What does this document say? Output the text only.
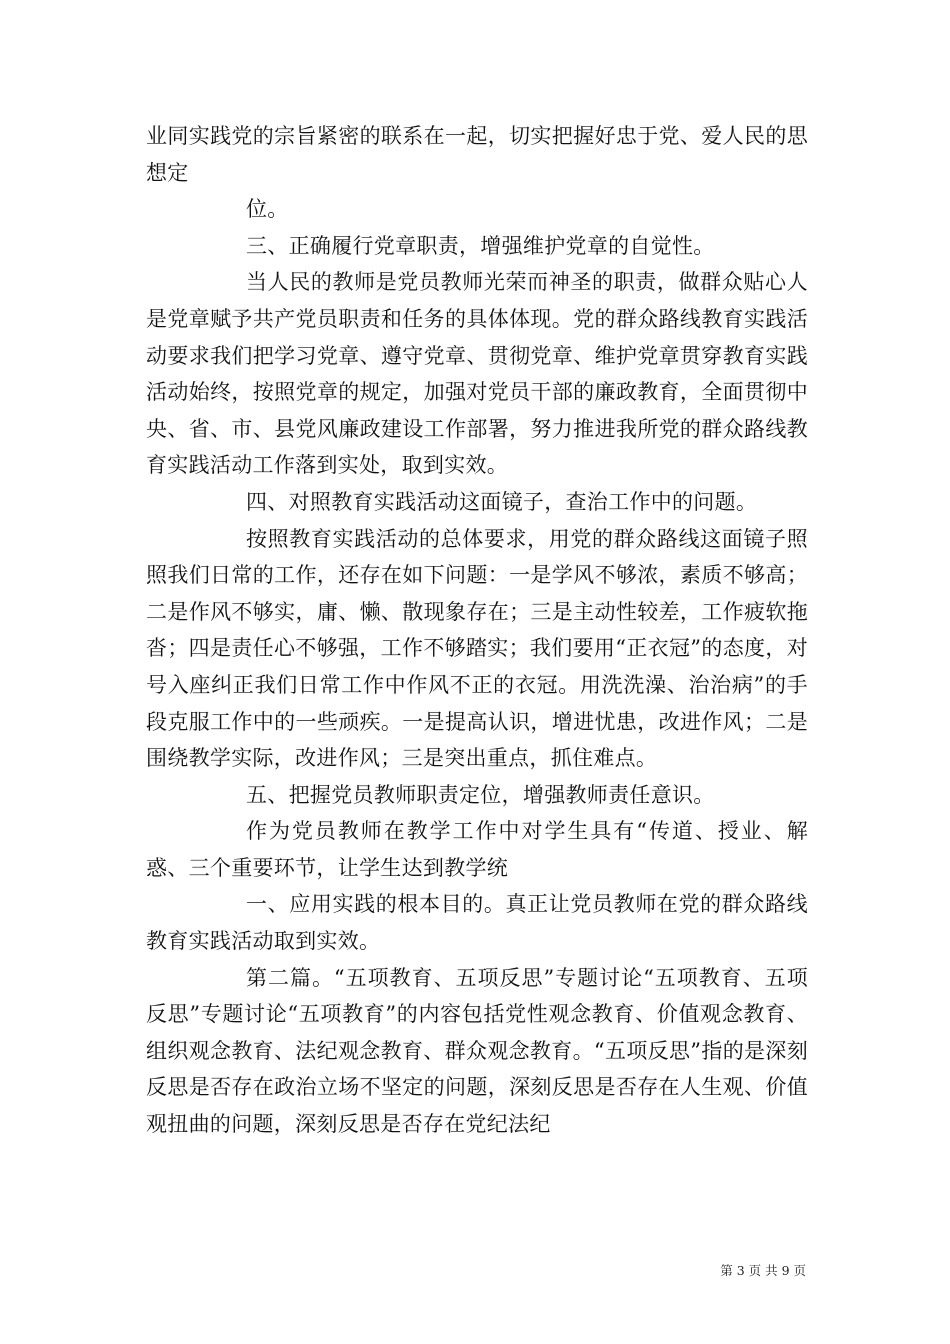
业同实践党的宗旨紧密的联系在一起，切实把握好忠于党、爱人民的思想定

位。

三、正确履行党章职责，增强维护党章的自觉性。

当人民的教师是党员教师光荣而神圣的职责，做群众贴心人是党章赋予共产党员职责和任务的具体体现。党的群众路线教育实践活动要求我们把学习党章、遵守党章、贯彻党章、维护党章贯穿教育实践活动始终，按照党章的规定，加强对党员干部的廉政教育，全面贯彻中央、省、市、县党风廉政建设工作部署，努力推进我所党的群众路线教育实践活动工作落到实处，取到实效。

四、对照教育实践活动这面镜子，查治工作中的问题。

按照教育实践活动的总体要求，用党的群众路线这面镜子照照我们日常的工作，还存在如下问题：一是学风不够浓，素质不够高；二是作风不够实，庸、懒、散现象存在；三是主动性较差，工作疲软拖沓；四是责任心不够强，工作不够踏实；我们要用“正衣冠”的态度，对号入座纠正我们日常工作中作风不正的衣冠。用洗洗澡、治治病”的手段克服工作中的一些顽疾。一是提高认识，增进忧患，改进作风；二是围绕教学实际，改进作风；三是突出重点，抓住难点。

五、把握党员教师职责定位，增强教师责任意识。

作为党员教师在教学工作中对学生具有“传道、授业、解惑、三个重要环节，让学生达到教学统

一、应用实践的根本目的。真正让党员教师在党的群众路线教育实践活动取到实效。

第二篇。“五项教育、五项反思”专题讨论“五项教育、五项反思”专题讨论“五项教育”的内容包括党性观念教育、价值观念教育、组织观念教育、法纪观念教育、群众观念教育。“五项反思”指的是深刻反思是否存在政治立场不坚定的问题，深刻反思是否存在人生观、价值观扭曲的问题，深刻反思是否存在党纪法纪

第 3 页 共 9 页
